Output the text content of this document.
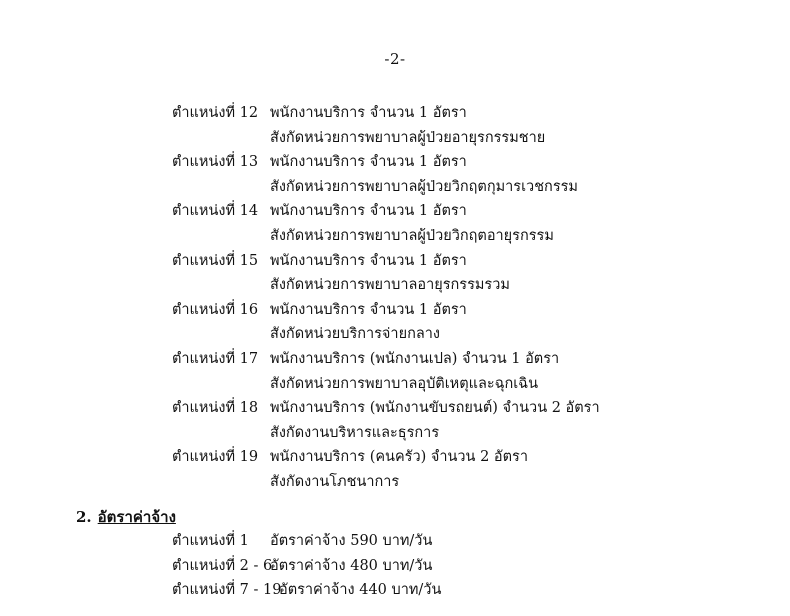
-2-
ตำแหน่งที่ 12 พนักงานบริการ จำนวน 1 อัตรา
สังกัดหน่วยการพยาบาลผู้ป่วยอายุรกรรมชาย
ตำแหน่งที่ 13 พนักงานบริการ จำนวน 1 อัตรา
สังกัดหน่วยการพยาบาลผู้ป่วยวิกฤตกุมารเวชกรรม
ตำแหน่งที่ 14 พนักงานบริการ จำนวน 1 อัตรา
สังกัดหน่วยการพยาบาลผู้ป่วยวิกฤตอายุรกรรม
ตำแหน่งที่ 15 พนักงานบริการ จำนวน 1 อัตรา
สังกัดหน่วยการพยาบาลอายุรกรรมรวม
ตำแหน่งที่ 16 พนักงานบริการ จำนวน 1 อัตรา
สังกัดหน่วยบริการจ่ายกลาง
ตำแหน่งที่ 17 พนักงานบริการ (พนักงานเปล) จำนวน 1 อัตรา
สังกัดหน่วยการพยาบาลอุบัติเหตุและฉุกเฉิน
ตำแหน่งที่ 18 พนักงานบริการ (พนักงานขับรถยนต์) จำนวน 2 อัตรา
สังกัดงานบริหารและธุรการ
ตำแหน่งที่ 19 พนักงานบริการ (คนครัว) จำนวน 2 อัตรา
สังกัดงานโภชนาการ
2. อัตราค่าจ้าง
ตำแหน่งที่ 1 อัตราค่าจ้าง 590 บาท/วัน
ตำแหน่งที่ 2 - 6
อัตราค่าจ้าง 480 บาท/วัน
ตำแหน่งที่ 7 - 19
อัตราค่าจ้าง 440 บาท/วัน
